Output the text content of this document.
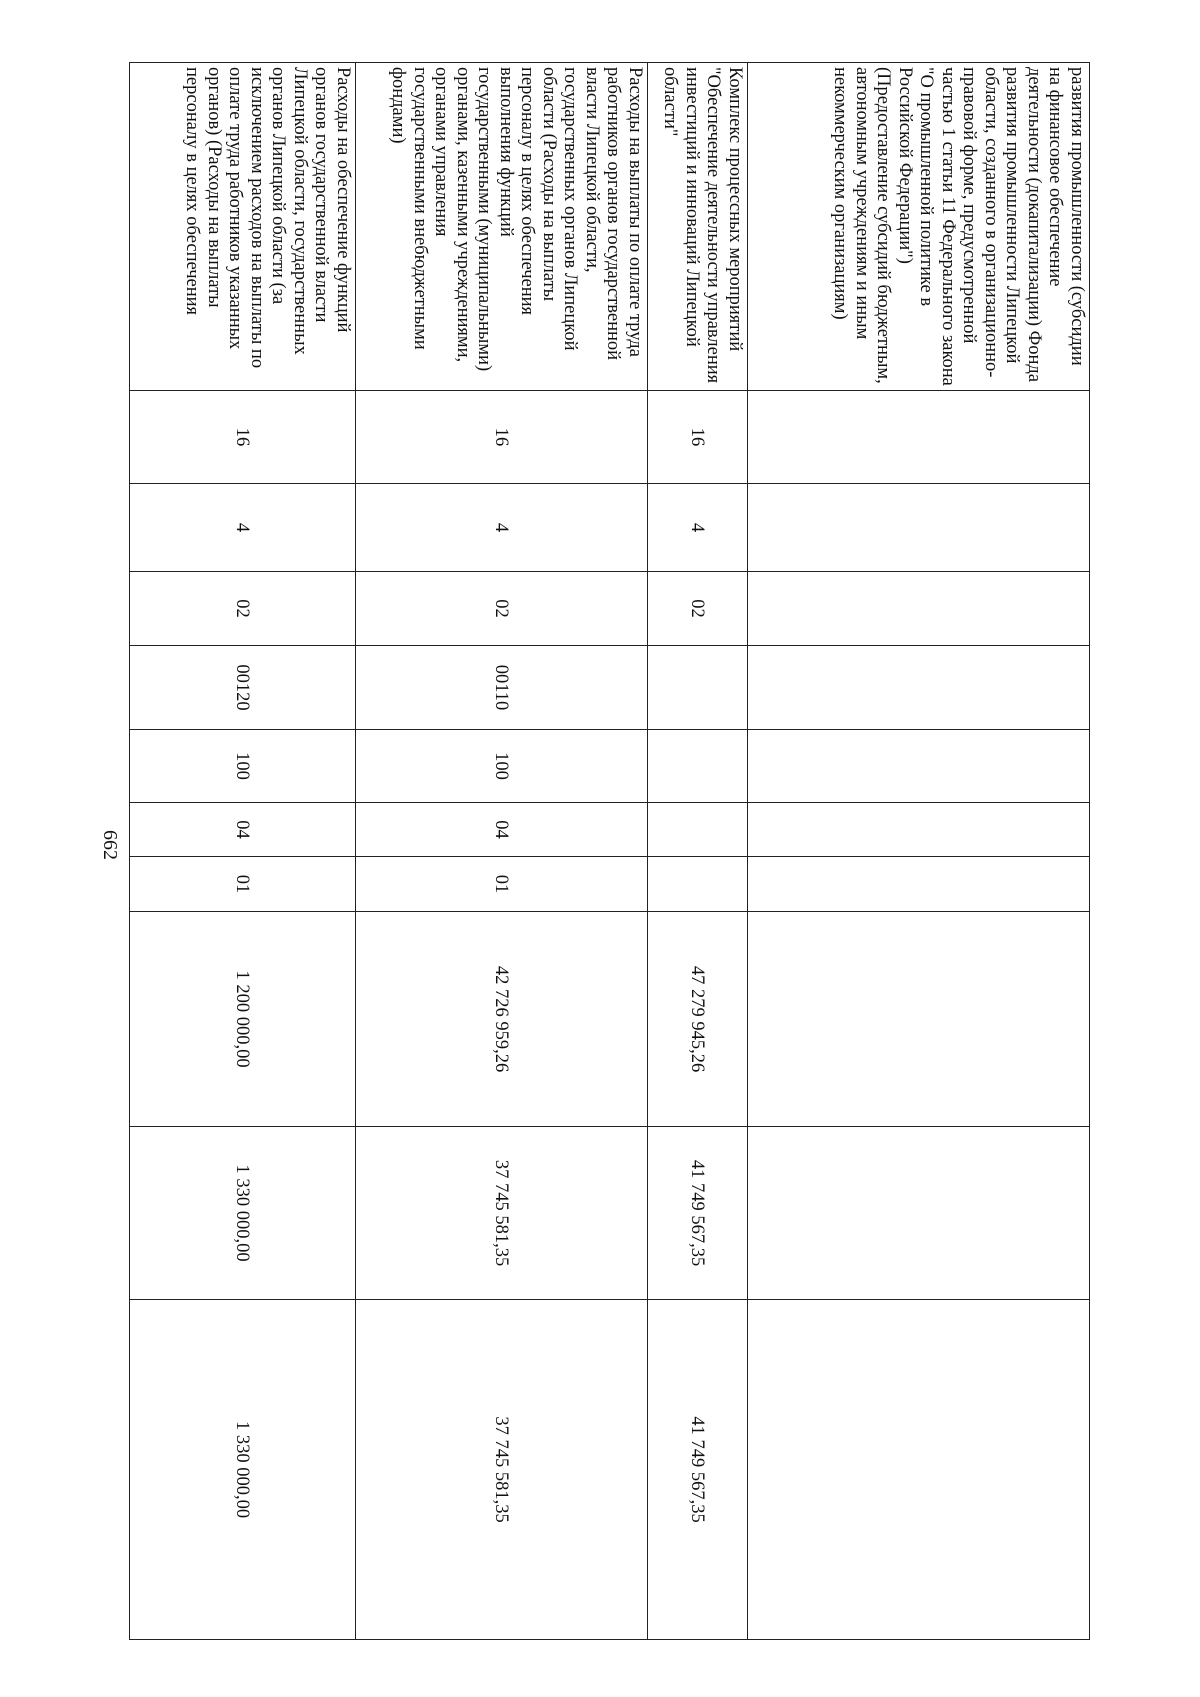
662
развития промышленности (субсидии на финансовое обеспечение деятельности (докапитализации) Фонда развития промышленности Липецкой области, созданного в организационно-правовой форме, предусмотренной частью 1 статьи 11 Федерального закона "О промышленной политике в Российской Федерации") (Предоставление субсидий бюджетным, автономным учреждениям и иным некоммерческим организациям)										
Комплекс процессных мероприятий "Обеспечение деятельности управления инвестиций и инноваций Липецкой области"	16	4	02					47 279 945,26	41 749 567,35	41 749 567,35
Расходы на выплаты по оплате труда работников органов государственной власти Липецкой области, государственных органов Липецкой области (Расходы на выплаты персоналу в целях обеспечения выполнения функций государственными (муниципальными) органами, казенными учреждениями, органами управления государственными внебюджетными фондами)	16	4	02	00110	100	04	01	42 726 959,26	37 745 581,35	37 745 581,35
Расходы на обеспечение функций органов государственной власти Липецкой области, государственных органов Липецкой области (за исключением расходов на выплаты по оплате труда работников указанных органов) (Расходы на выплаты персоналу в целях обеспечения	16	4	02	00120	100	04	01	1 200 000,00	1 330 000,00	1 330 000,00
